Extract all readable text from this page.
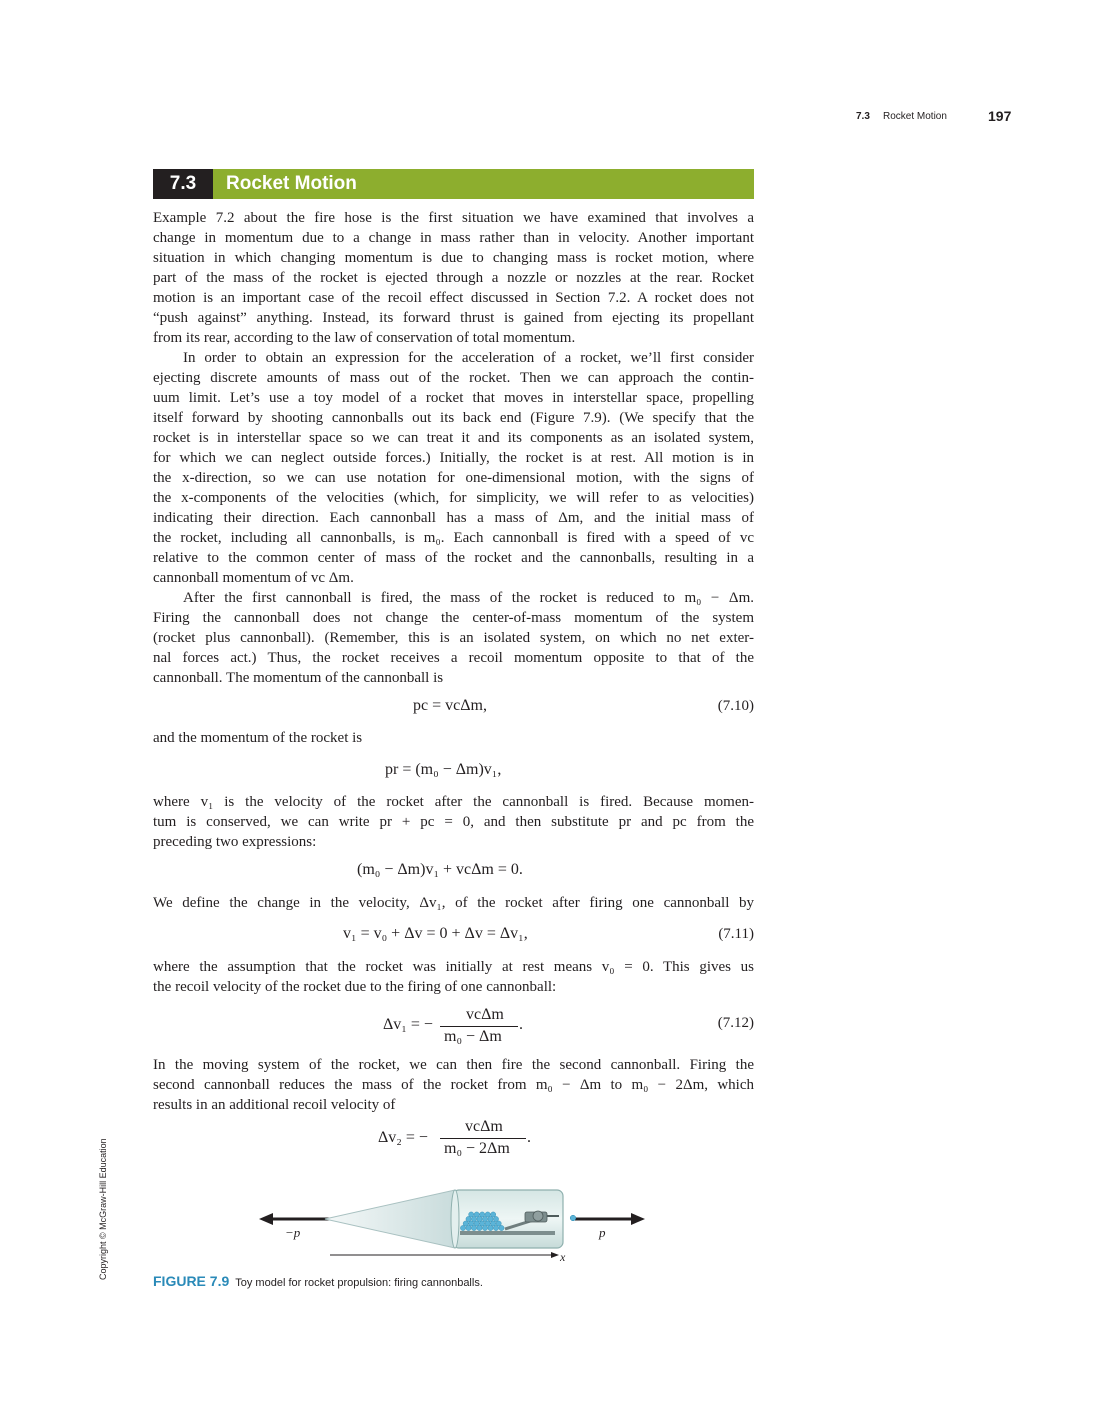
7.3 Rocket Motion	197
7.3	Rocket Motion
Example 7.2 about the fire hose is the first situation we have examined that involves a
change in momentum due to a change in mass rather than in velocity. Another important
situation in which changing momentum is due to changing mass is rocket motion, where
part of the mass of the rocket is ejected through a nozzle or nozzles at the rear. Rocket
motion is an important case of the recoil effect discussed in Section 7.2. A rocket does not
“push against” anything. Instead, its forward thrust is gained from ejecting its propellant
from its rear, according to the law of conservation of total momentum.
In order to obtain an expression for the acceleration of a rocket, we’ll first consider
ejecting discrete amounts of mass out of the rocket. Then we can approach the contin-
uum limit. Let’s use a toy model of a rocket that moves in interstellar space, propelling
itself forward by shooting cannonballs out its back end (Figure 7.9). (We specify that the
rocket is in interstellar space so we can treat it and its components as an isolated system,
for which we can neglect outside forces.) Initially, the rocket is at rest. All motion is in
the x-direction, so we can use notation for one-dimensional motion, with the signs of
the x-components of the velocities (which, for simplicity, we will refer to as velocities)
indicating their direction. Each cannonball has a mass of Δm, and the initial mass of
the rocket, including all cannonballs, is m₀. Each cannonball is fired with a speed of vc
relative to the common center of mass of the rocket and the cannonballs, resulting in a
cannonball momentum of vc Δm.
After the first cannonball is fired, the mass of the rocket is reduced to m₀ − Δm.
Firing the cannonball does not change the center-of-mass momentum of the system
(rocket plus cannonball). (Remember, this is an isolated system, on which no net exter-
nal forces act.) Thus, the rocket receives a recoil momentum opposite to that of the
cannonball. The momentum of the cannonball is
pc = vcΔm,	(7.10)
and the momentum of the rocket is
pr = (m₀ − Δm)v₁,
where v₁ is the velocity of the rocket after the cannonball is fired. Because momen-
tum is conserved, we can write pr + pc = 0, and then substitute pr and pc from the
preceding two expressions:
(m₀ − Δm)v₁ + vcΔm = 0.
We define the change in the velocity, Δv₁, of the rocket after firing one cannonball by
v₁ = v₀ + Δv = 0 + Δv = Δv₁,	(7.11)
where the assumption that the rocket was initially at rest means v₀ = 0. This gives us
the recoil velocity of the rocket due to the firing of one cannonball:
Δv₁ = −
vcΔm
m₀ − Δm
.	(7.12)
In the moving system of the rocket, we can then fire the second cannonball. Firing the
second cannonball reduces the mass of the rocket from m₀ − Δm to m₀ − 2Δm, which
results in an additional recoil velocity of
Δv₂ = −
vcΔm
m₀ − 2Δm
.
Copyright © McGraw-Hill Education	−p⃗	p⃗
x
FIGURE 7.9 Toy model for rocket propulsion: firing cannonballs.
